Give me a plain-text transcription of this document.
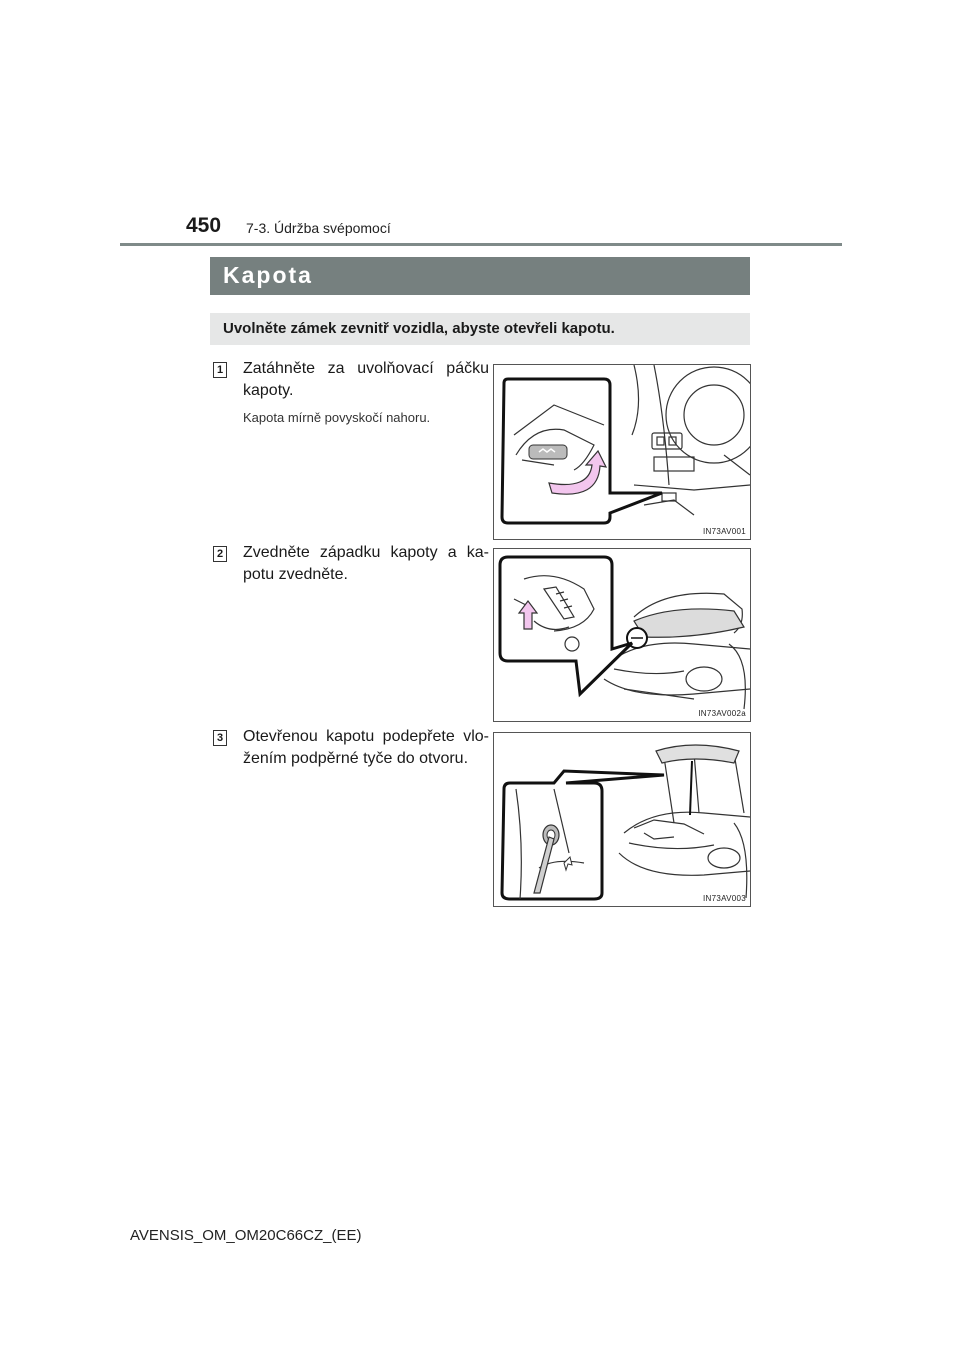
450 7-3. Údržba svépomocí
Kapota
Uvolněte zámek zevnitř vozidla, abyste otevřeli kapotu.
1 Zatáhněte za uvolňovací páčku kapoty.
Kapota mírně povyskočí nahoru.
IN73AV001
2 Zvedněte západku kapoty a ka-potu zvedněte.
IN73AV002a
3 Otevřenou kapotu podepřete vlo-žením podpěrné tyče do otvoru.
IN73AV003
AVENSIS_OM_OM20C66CZ_(EE)
